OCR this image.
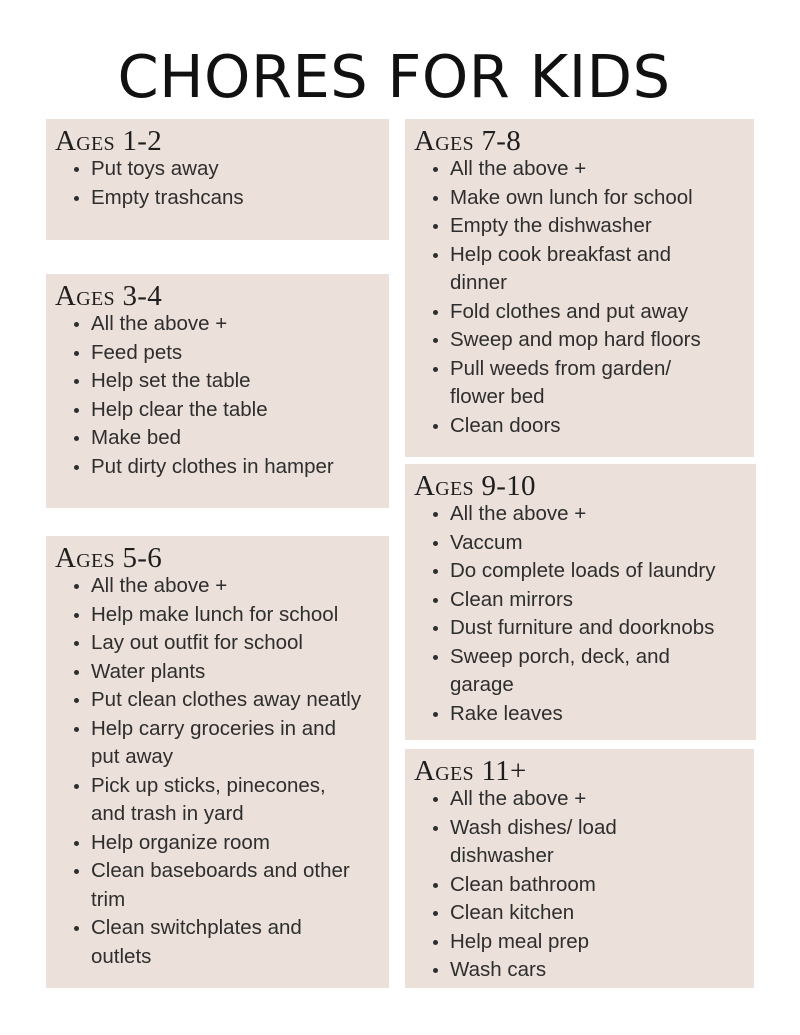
CHORES FOR KIDS
Ages 1-2
Put toys away
Empty trashcans
Ages 3-4
All the above +
Feed pets
Help set the table
Help clear the table
Make bed
Put dirty clothes in hamper
Ages 5-6
All the above +
Help make lunch for school
Lay out outfit for school
Water plants
Put clean clothes away neatly
Help carry groceries in and
put away
Pick up sticks, pinecones,
and trash in yard
Help organize room
Clean baseboards and other
trim
Clean switchplates and
outlets
Ages 7-8
All the above +
Make own lunch for school
Empty the dishwasher
Help cook breakfast and
dinner
Fold clothes and put away
Sweep and mop hard floors
Pull weeds from garden/
flower bed
Clean doors
Ages 9-10
All the above +
Vaccum
Do complete loads of laundry
Clean mirrors
Dust furniture and doorknobs
Sweep porch, deck, and
garage
Rake leaves
Ages 11+
All the above +
Wash dishes/ load
dishwasher
Clean bathroom
Clean kitchen
Help meal prep
Wash cars
